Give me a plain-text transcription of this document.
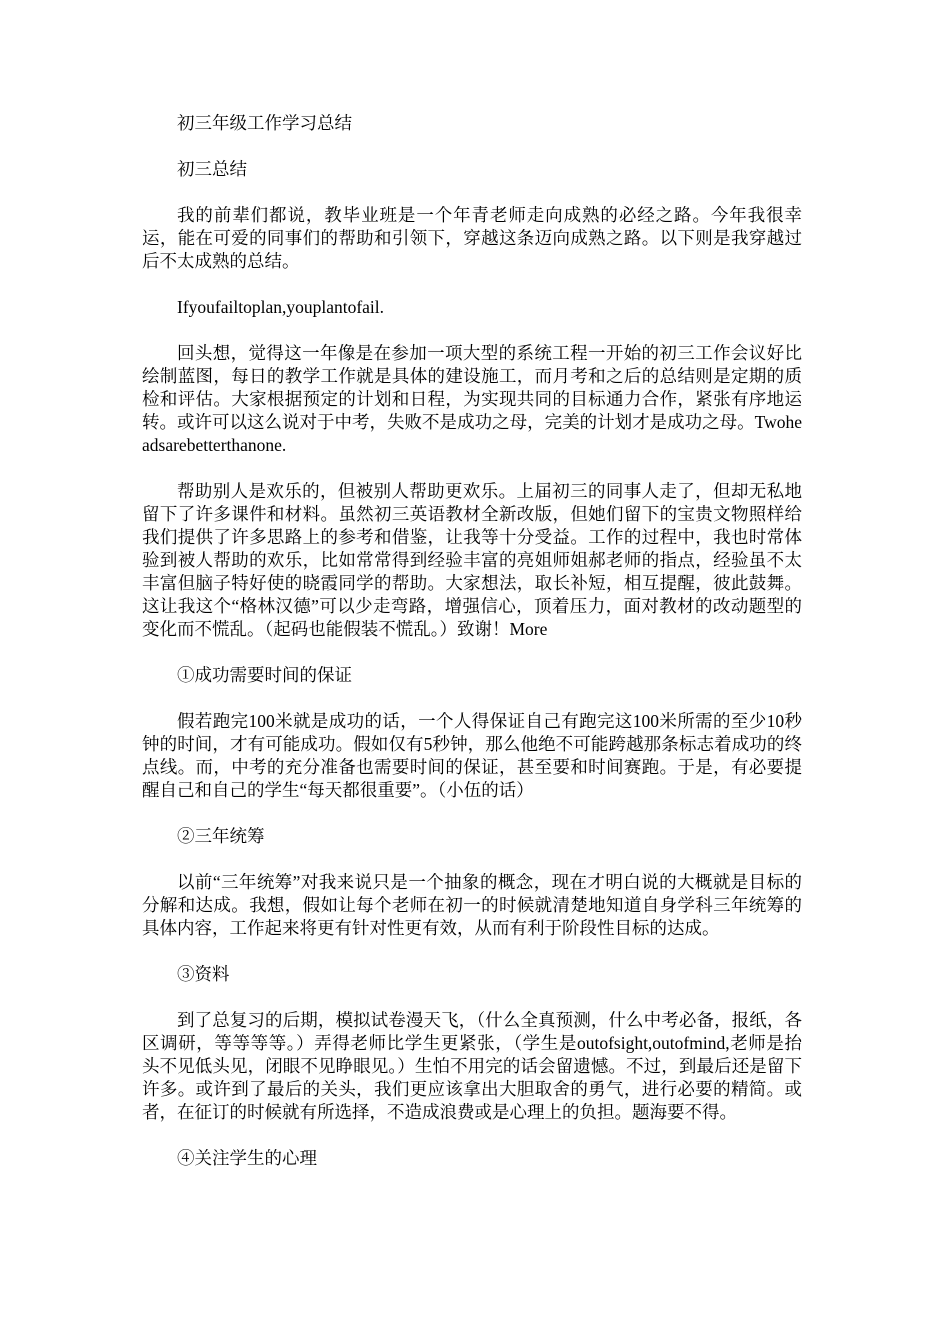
初三年级工作学习总结

初三总结

我的前辈们都说，教毕业班是一个年青老师走向成熟的必经之路。今年我很幸运，能在可爱的同事们的帮助和引领下，穿越这条迈向成熟之路。以下则是我穿越过后不太成熟的总结。

Ifyoufailtoplan,youplantofail.

回头想，觉得这一年像是在参加一项大型的系统工程一开始的初三工作会议好比绘制蓝图，每日的教学工作就是具体的建设施工，而月考和之后的总结则是定期的质检和评估。大家根据预定的计划和日程，为实现共同的目标通力合作，紧张有序地运转。或许可以这么说对于中考，失败不是成功之母，完美的计划才是成功之母。Twoheadsarebetterthanone.

帮助别人是欢乐的，但被别人帮助更欢乐。上届初三的同事人走了，但却无私地留下了许多课件和材料。虽然初三英语教材全新改版，但她们留下的宝贵文物照样给我们提供了许多思路上的参考和借鉴，让我等十分受益。工作的过程中，我也时常体验到被人帮助的欢乐，比如常常得到经验丰富的亮姐师姐郝老师的指点，经验虽不太丰富但脑子特好使的晓霞同学的帮助。大家想法，取长补短，相互提醒，彼此鼓舞。这让我这个“格林汉德”可以少走弯路，增强信心，顶着压力，面对教材的改动题型的变化而不慌乱。（起码也能假装不慌乱。）致谢！More

①成功需要时间的保证

假若跑完100米就是成功的话，一个人得保证自己有跑完这100米所需的至少10秒钟的时间，才有可能成功。假如仅有5秒钟，那么他绝不可能跨越那条标志着成功的终点线。而，中考的充分准备也需要时间的保证，甚至要和时间赛跑。于是，有必要提醒自己和自己的学生“每天都很重要”。（小伍的话）

②三年统筹

以前“三年统筹”对我来说只是一个抽象的概念，现在才明白说的大概就是目标的分解和达成。我想，假如让每个老师在初一的时候就清楚地知道自身学科三年统筹的具体内容，工作起来将更有针对性更有效，从而有利于阶段性目标的达成。

③资料

到了总复习的后期，模拟试卷漫天飞，（什么全真预测，什么中考必备，报纸，各区调研，等等等等。）弄得老师比学生更紧张，（学生是outofsight,outofmind,老师是抬头不见低头见，闭眼不见睁眼见。）生怕不用完的话会留遗憾。不过，到最后还是留下许多。或许到了最后的关头，我们更应该拿出大胆取舍的勇气，进行必要的精简。或者，在征订的时候就有所选择，不造成浪费或是心理上的负担。题海要不得。

④关注学生的心理
